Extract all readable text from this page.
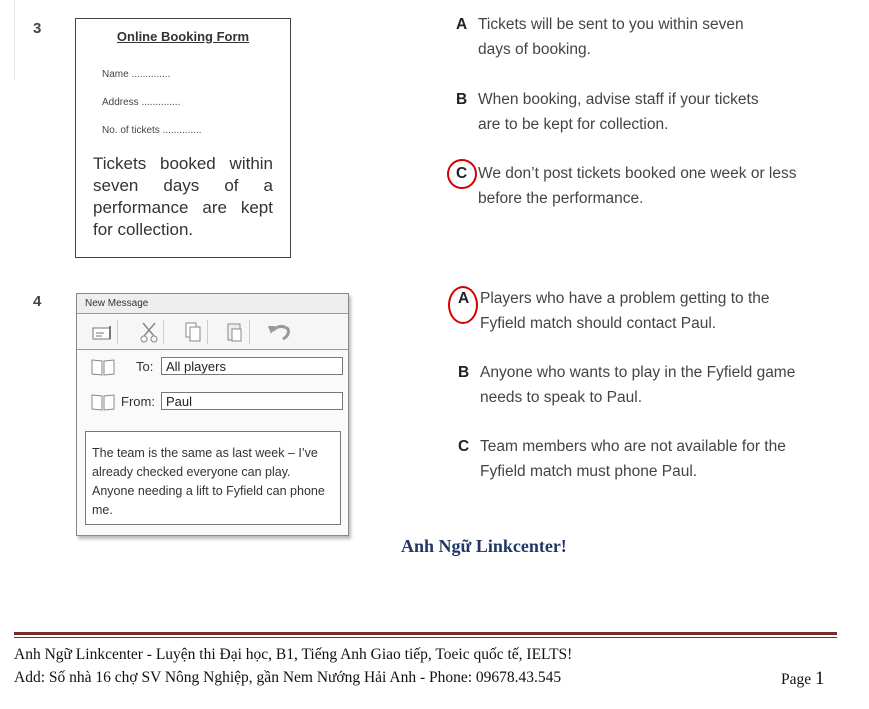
3	Online Booking Form
Name ..............
Address ..............
No. of tickets ..............
Tickets booked within seven days of a performance are kept for collection.
A Tickets will be sent to you within seven days of booking.
B When booking, advise staff if your tickets are to be kept for collection.
C We don’t post tickets booked one week or less before the performance.
4	New Message
To: All players
From: Paul
The team is the same as last week – I’ve already checked everyone can play. Anyone needing a lift to Fyfield can phone me.
A Players who have a problem getting to the Fyfield match should contact Paul.
B Anyone who wants to play in the Fyfield game needs to speak to Paul.
C Team members who are not available for the Fyfield match must phone Paul.
Anh Ngữ Linkcenter!
Anh Ngữ Linkcenter - Luyện thi Đại học, B1, Tiếng Anh Giao tiếp, Toeic quốc tế, IELTS!
Add: Số nhà 16 chợ SV Nông Nghiệp, gần Nem Nướng Hải Anh - Phone: 09678.43.545	Page 1
